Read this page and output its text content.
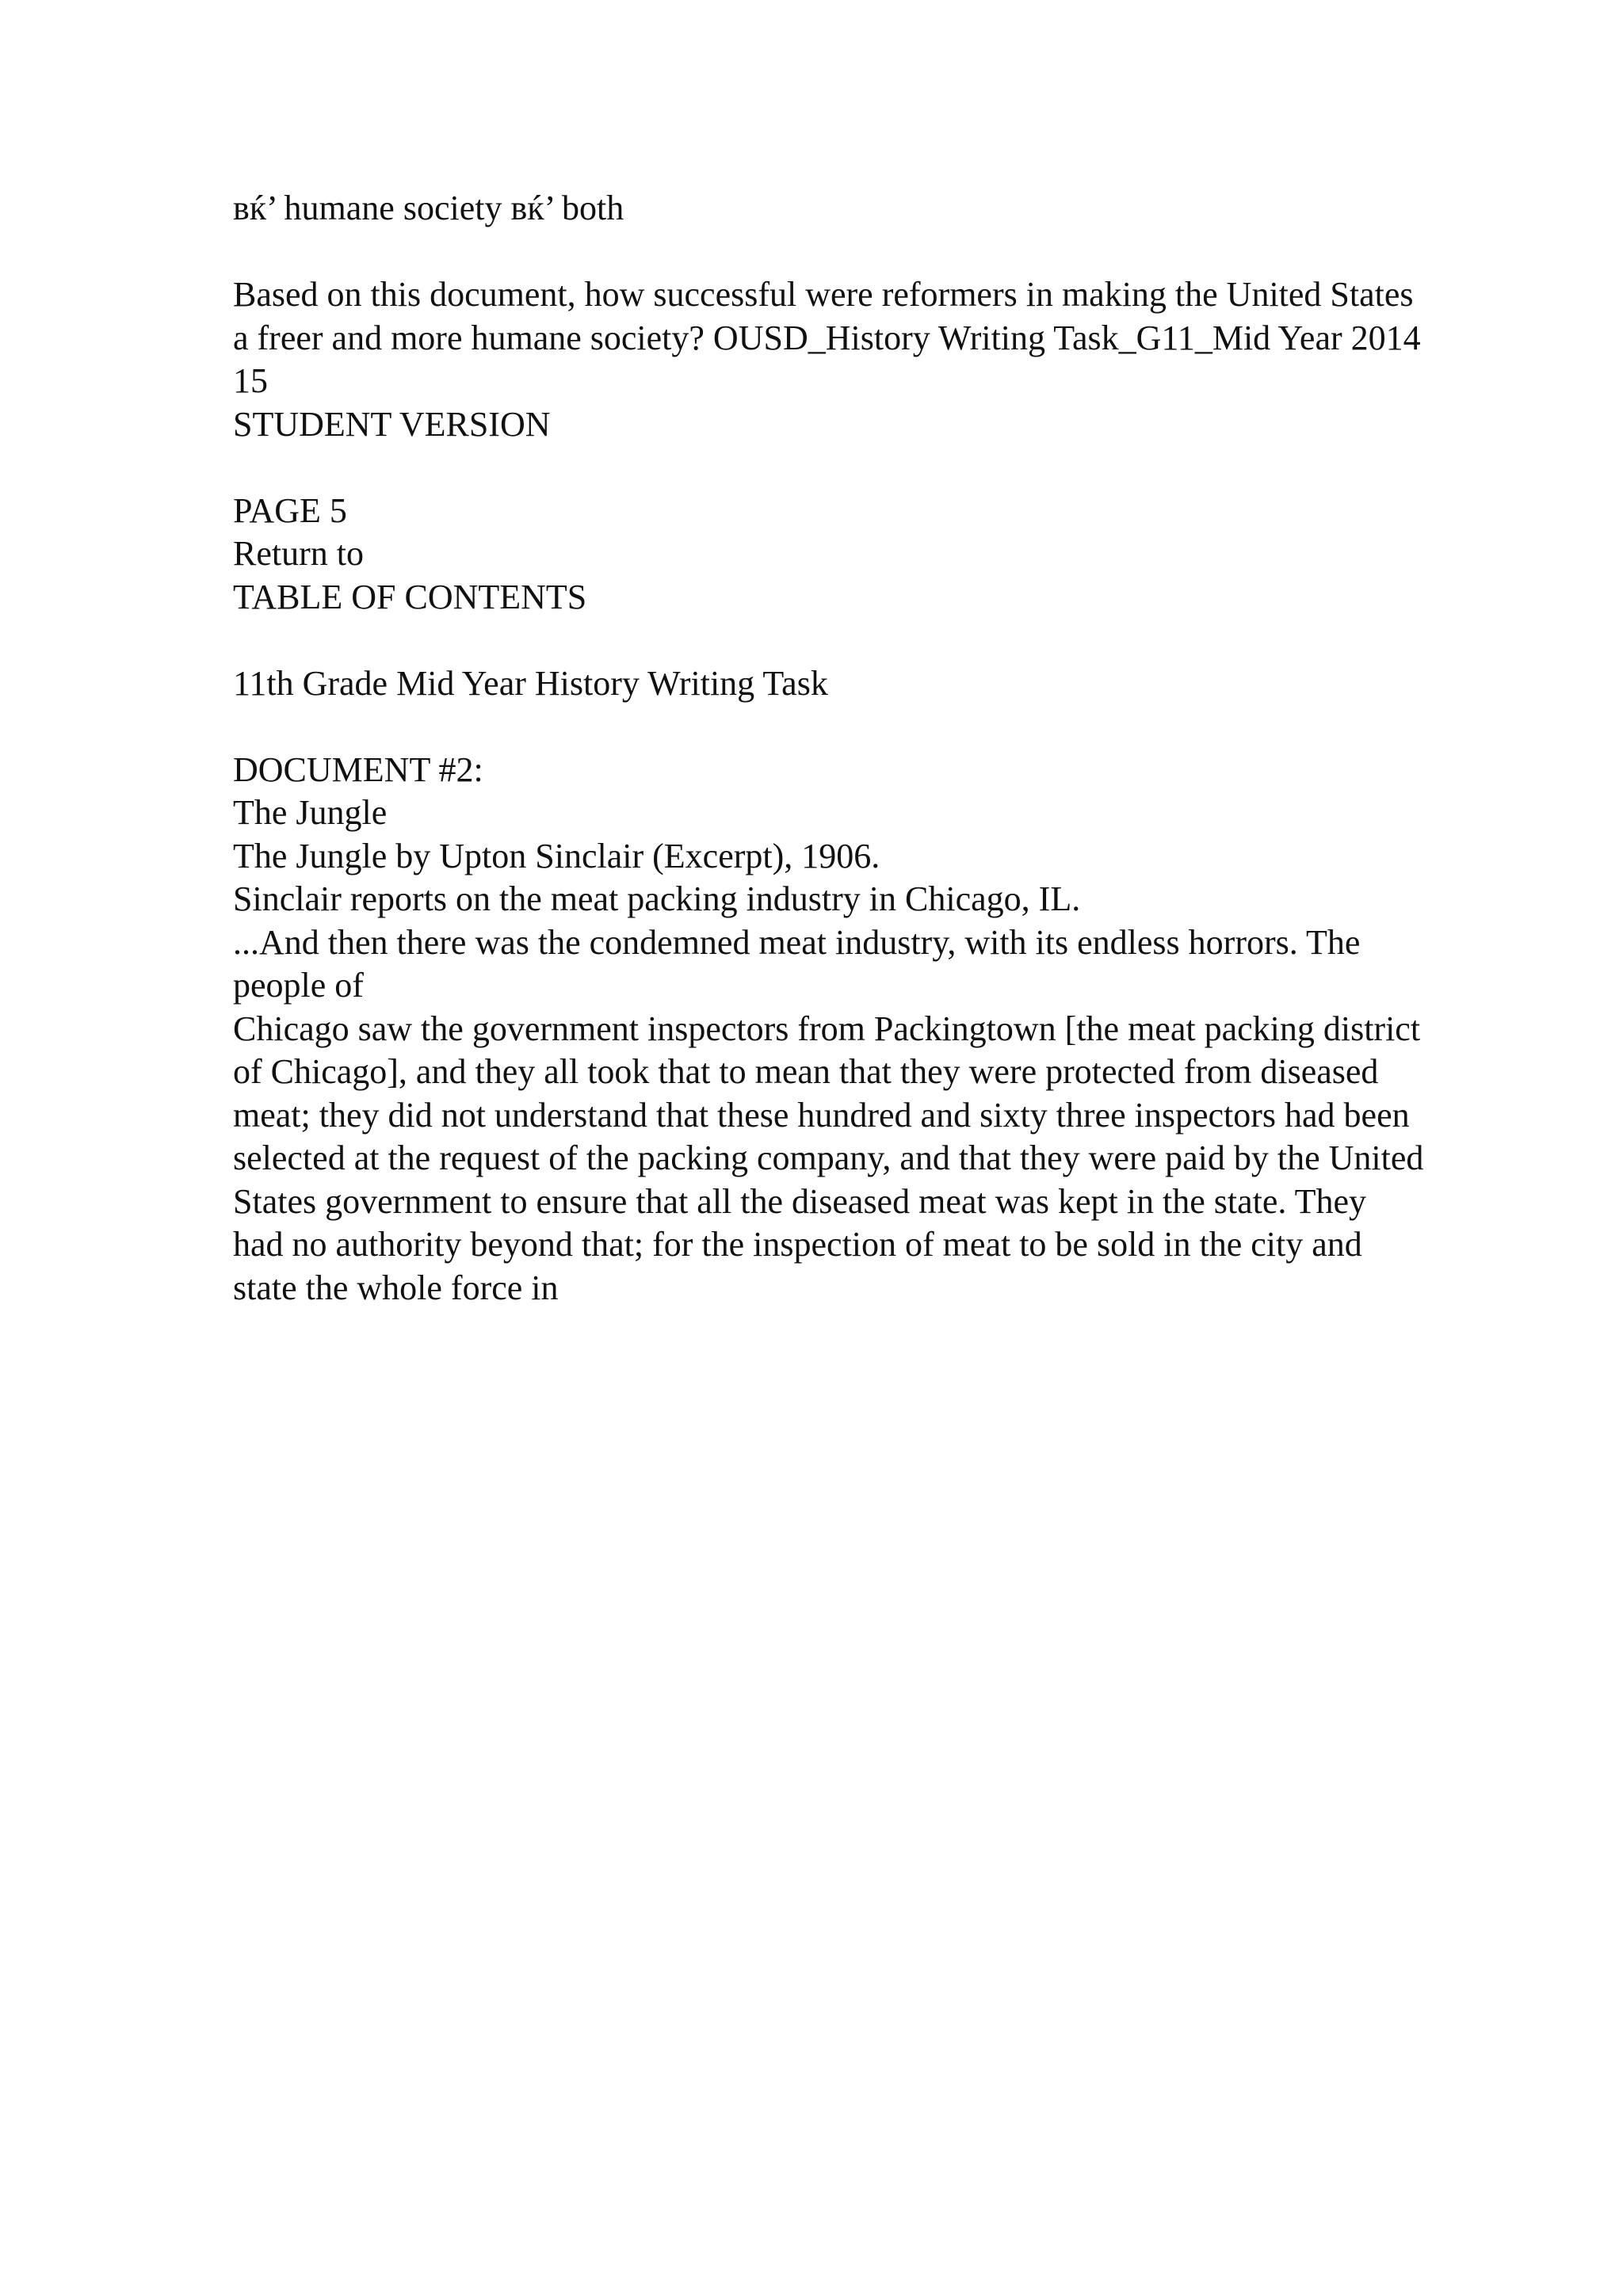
вќ’ humane society вќ’ both
Based on this document, how successful were reformers in making the United States
a freer and more humane society? OUSD_History Writing Task_G11_Mid Year 2014
15
STUDENT VERSION
PAGE 5
Return to
TABLE OF CONTENTS
11th Grade Mid Year History Writing Task
DOCUMENT #2:
The Jungle
The Jungle by Upton Sinclair (Excerpt), 1906.
Sinclair reports on the meat packing industry in Chicago, IL.
...And then there was the condemned meat industry, with its endless horrors. The
people of
Chicago saw the government inspectors from Packingtown [the meat packing district
of Chicago], and they all took that to mean that they were protected from diseased
meat; they did not understand that these hundred and sixty three inspectors had been
selected at the request of the packing company, and that they were paid by the United
States government to ensure that all the diseased meat was kept in the state. They
had no authority beyond that; for the inspection of meat to be sold in the city and
state the whole force in
